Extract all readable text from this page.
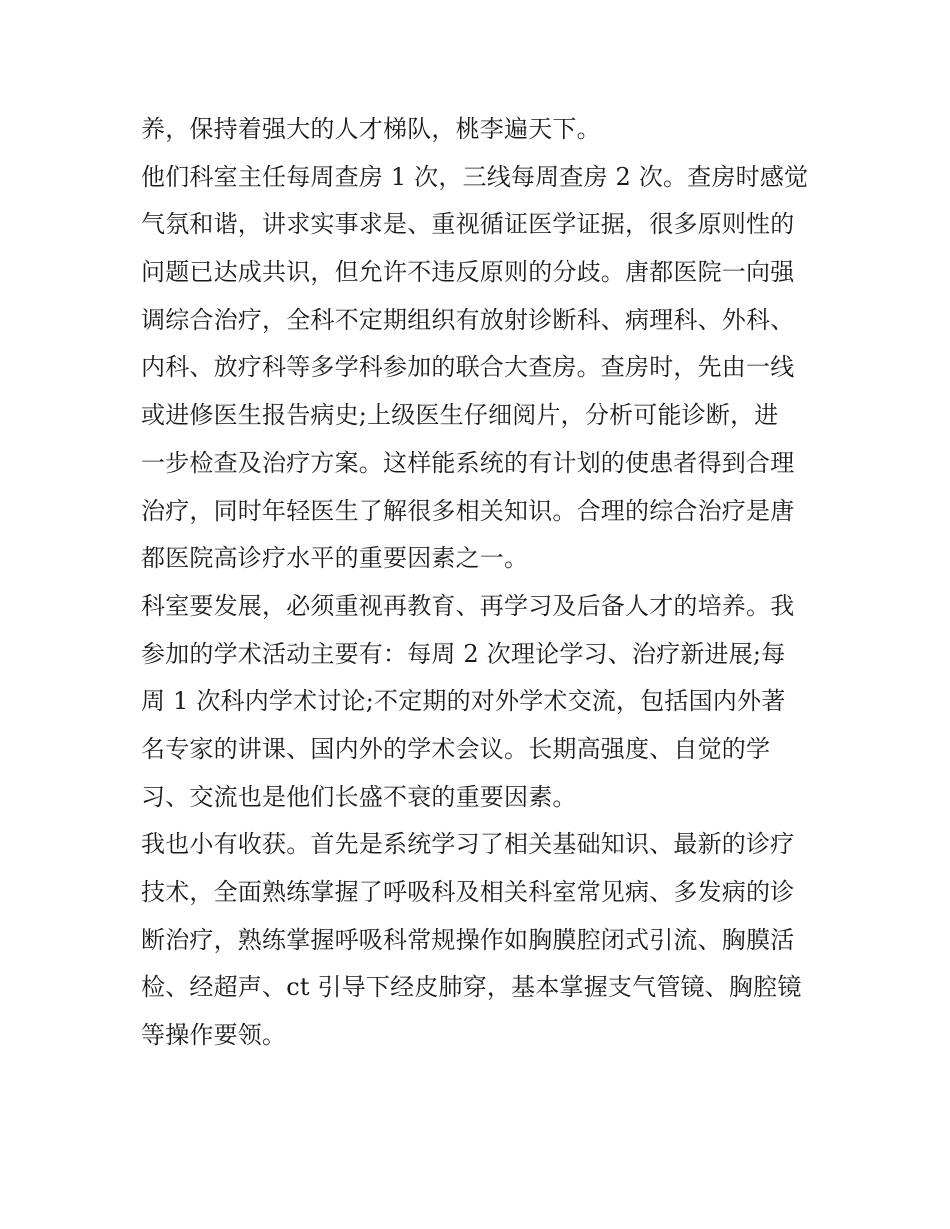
养，保持着强大的人才梯队，桃李遍天下。
他们科室主任每周查房 1 次，三线每周查房 2 次。查房时感觉
气氛和谐，讲求实事求是、重视循证医学证据，很多原则性的
问题已达成共识，但允许不违反原则的分歧。唐都医院一向强
调综合治疗，全科不定期组织有放射诊断科、病理科、外科、
内科、放疗科等多学科参加的联合大查房。查房时，先由一线
或进修医生报告病史;上级医生仔细阅片，分析可能诊断，进
一步检查及治疗方案。这样能系统的有计划的使患者得到合理
治疗，同时年轻医生了解很多相关知识。合理的综合治疗是唐
都医院高诊疗水平的重要因素之一。
科室要发展，必须重视再教育、再学习及后备人才的培养。我
参加的学术活动主要有：每周 2 次理论学习、治疗新进展;每
周 1 次科内学术讨论;不定期的对外学术交流，包括国内外著
名专家的讲课、国内外的学术会议。长期高强度、自觉的学
习、交流也是他们长盛不衰的重要因素。
我也小有收获。首先是系统学习了相关基础知识、最新的诊疗
技术，全面熟练掌握了呼吸科及相关科室常见病、多发病的诊
断治疗，熟练掌握呼吸科常规操作如胸膜腔闭式引流、胸膜活
检、经超声、ct 引导下经皮肺穿，基本掌握支气管镜、胸腔镜
等操作要领。
